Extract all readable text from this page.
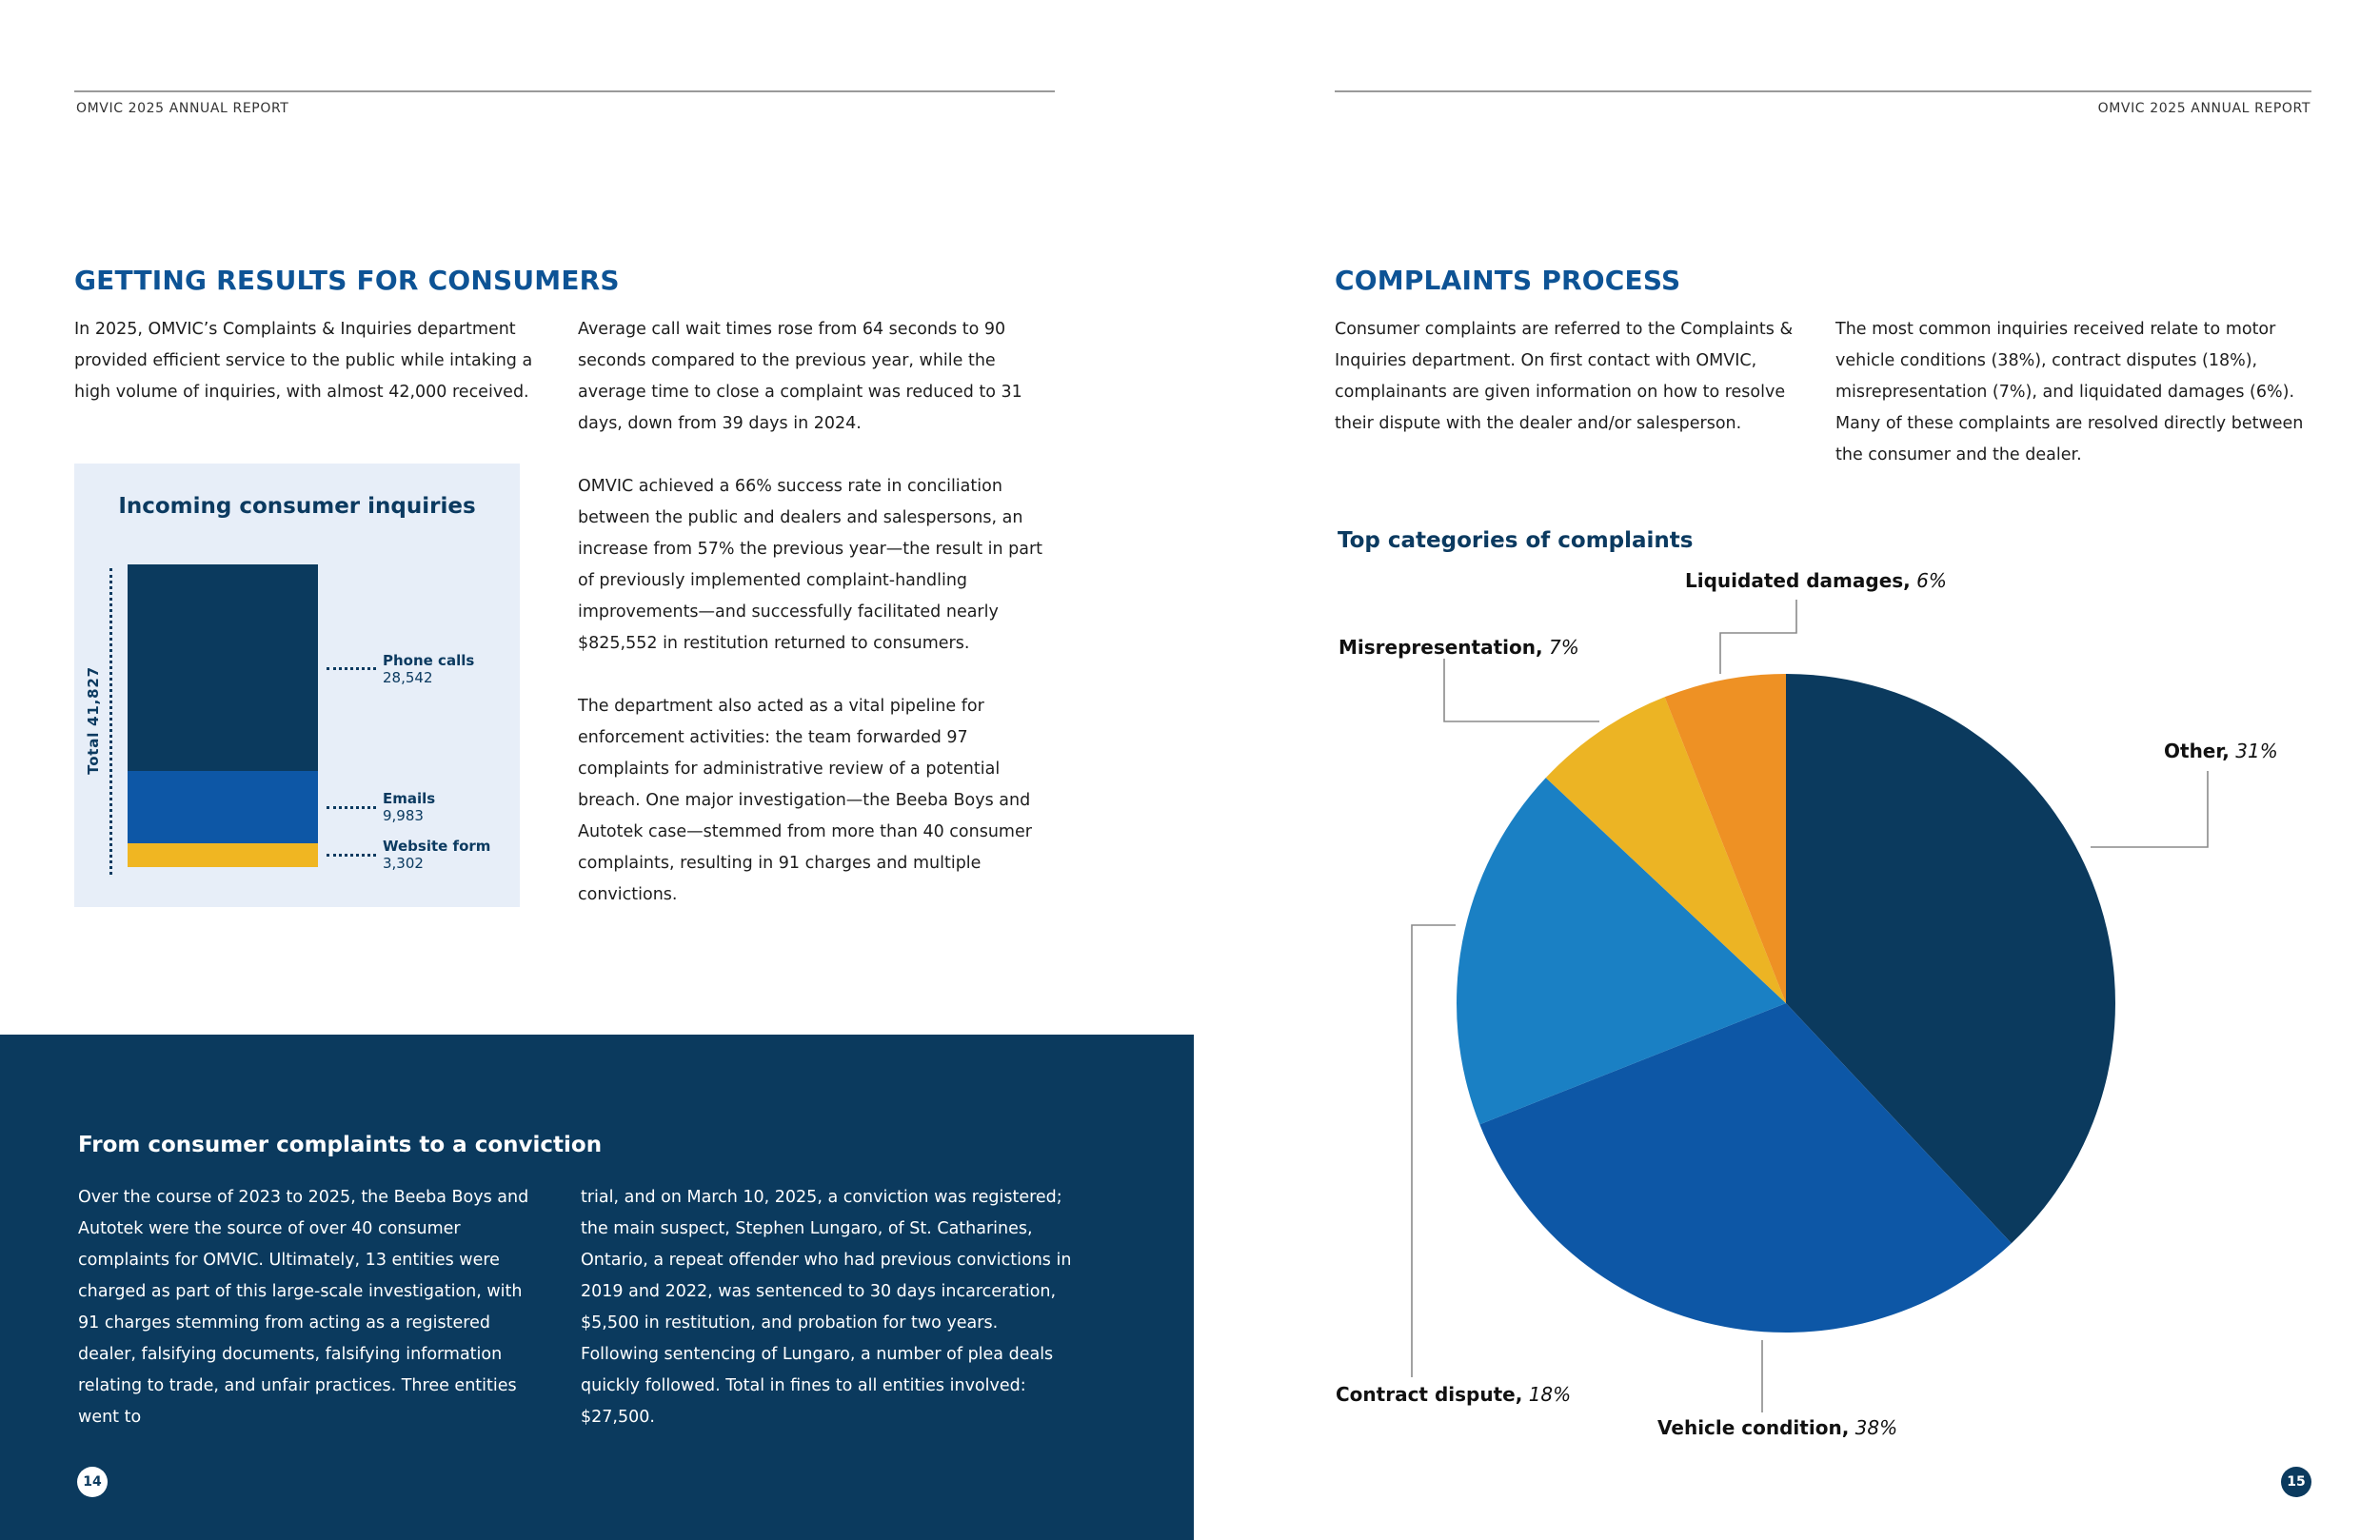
OMVIC 2025 ANNUAL REPORT
GETTING RESULTS FOR CONSUMERS

In 2025, OMVIC’s Complaints & Inquiries department provided efficient service to the public while intaking a high volume of inquiries, with almost 42,000 received.

Average call wait times rose from 64 seconds to 90 seconds compared to the previous year, while the average time to close a complaint was reduced to 31 days, down from 39 days in 2024.

OMVIC achieved a 66% success rate in conciliation between the public and dealers and salespersons, an increase from 57% the previous year—the result in part of previously implemented complaint-handling improvements—and successfully facilitated nearly $825,552 in restitution returned to consumers.

The department also acted as a vital pipeline for enforcement activities: the team forwarded 97 complaints for administrative review of a potential breach. One major investigation—the Beeba Boys and Autotek case—stemmed from more than 40 consumer complaints, resulting in 91 charges and multiple convictions.

Incoming consumer inquiries
Total 41,827
Phone calls
28,542
Emails
9,983
Website form
3,302
From consumer complaints to a conviction

Over the course of 2023 to 2025, the Beeba Boys and Autotek were the source of over 40 consumer complaints for OMVIC. Ultimately, 13 entities were charged as part of this large-scale investigation, with 91 charges stemming from acting as a registered dealer, falsifying documents, falsifying information relating to trade, and unfair practices. Three entities went to

trial, and on March 10, 2025, a conviction was registered; the main suspect, Stephen Lungaro, of St. Catharines, Ontario, a repeat offender who had previous convictions in 2019 and 2022, was sentenced to 30 days incarceration, $5,500 in restitution, and probation for two years. Following sentencing of Lungaro, a number of plea deals quickly followed. Total in fines to all entities involved: $27,500.

14
OMVIC 2025 ANNUAL REPORT
COMPLAINTS PROCESS

Consumer complaints are referred to the Complaints & Inquiries department. On first contact with OMVIC, complainants are given information on how to resolve their dispute with the dealer and/or salesperson.

The most common inquiries received relate to motor vehicle conditions (38%), contract disputes (18%), misrepresentation (7%), and liquidated damages (6%). Many of these complaints are resolved directly between the consumer and the dealer.

Top categories of complaints
Liquidated damages, 6%
Misrepresentation, 7%
Other, 31%
Contract dispute, 18%
Vehicle condition, 38%
15
